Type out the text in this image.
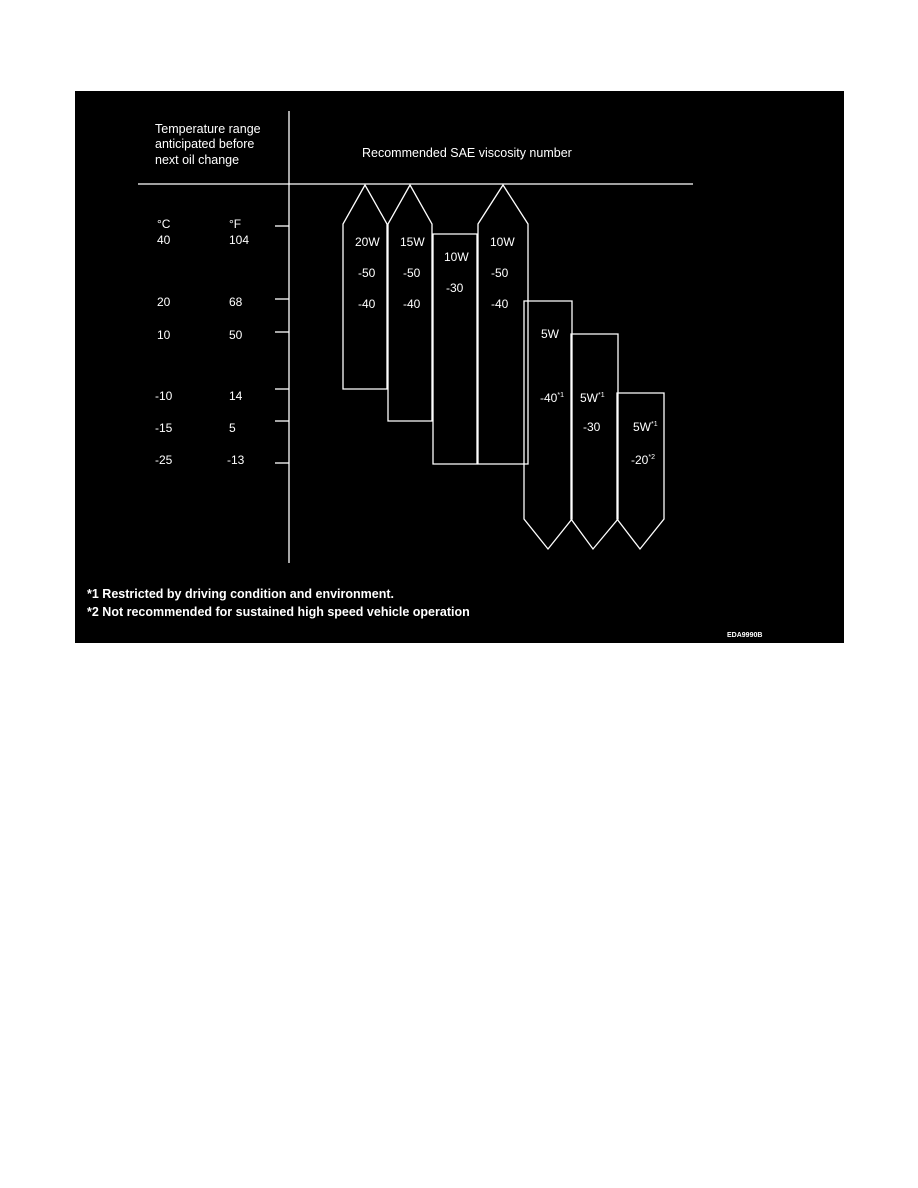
Temperature range
anticipated before
next oil change	Recommended SAE viscosity number
°C	°F
40	104
20	68
10	50
-10	14
-15	5
-25	-13
20W
-50
-40
15W
-50
-40
10W
-30
10W
-50
-40
5W
-40$^{*1}$ $5W^{*1}$
-30	$5W^{*1}$
-20$^{*2}$
*1 Restricted by driving condition and environment.
*2 Not recommended for sustained high speed vehicle operation
EDA9990B
